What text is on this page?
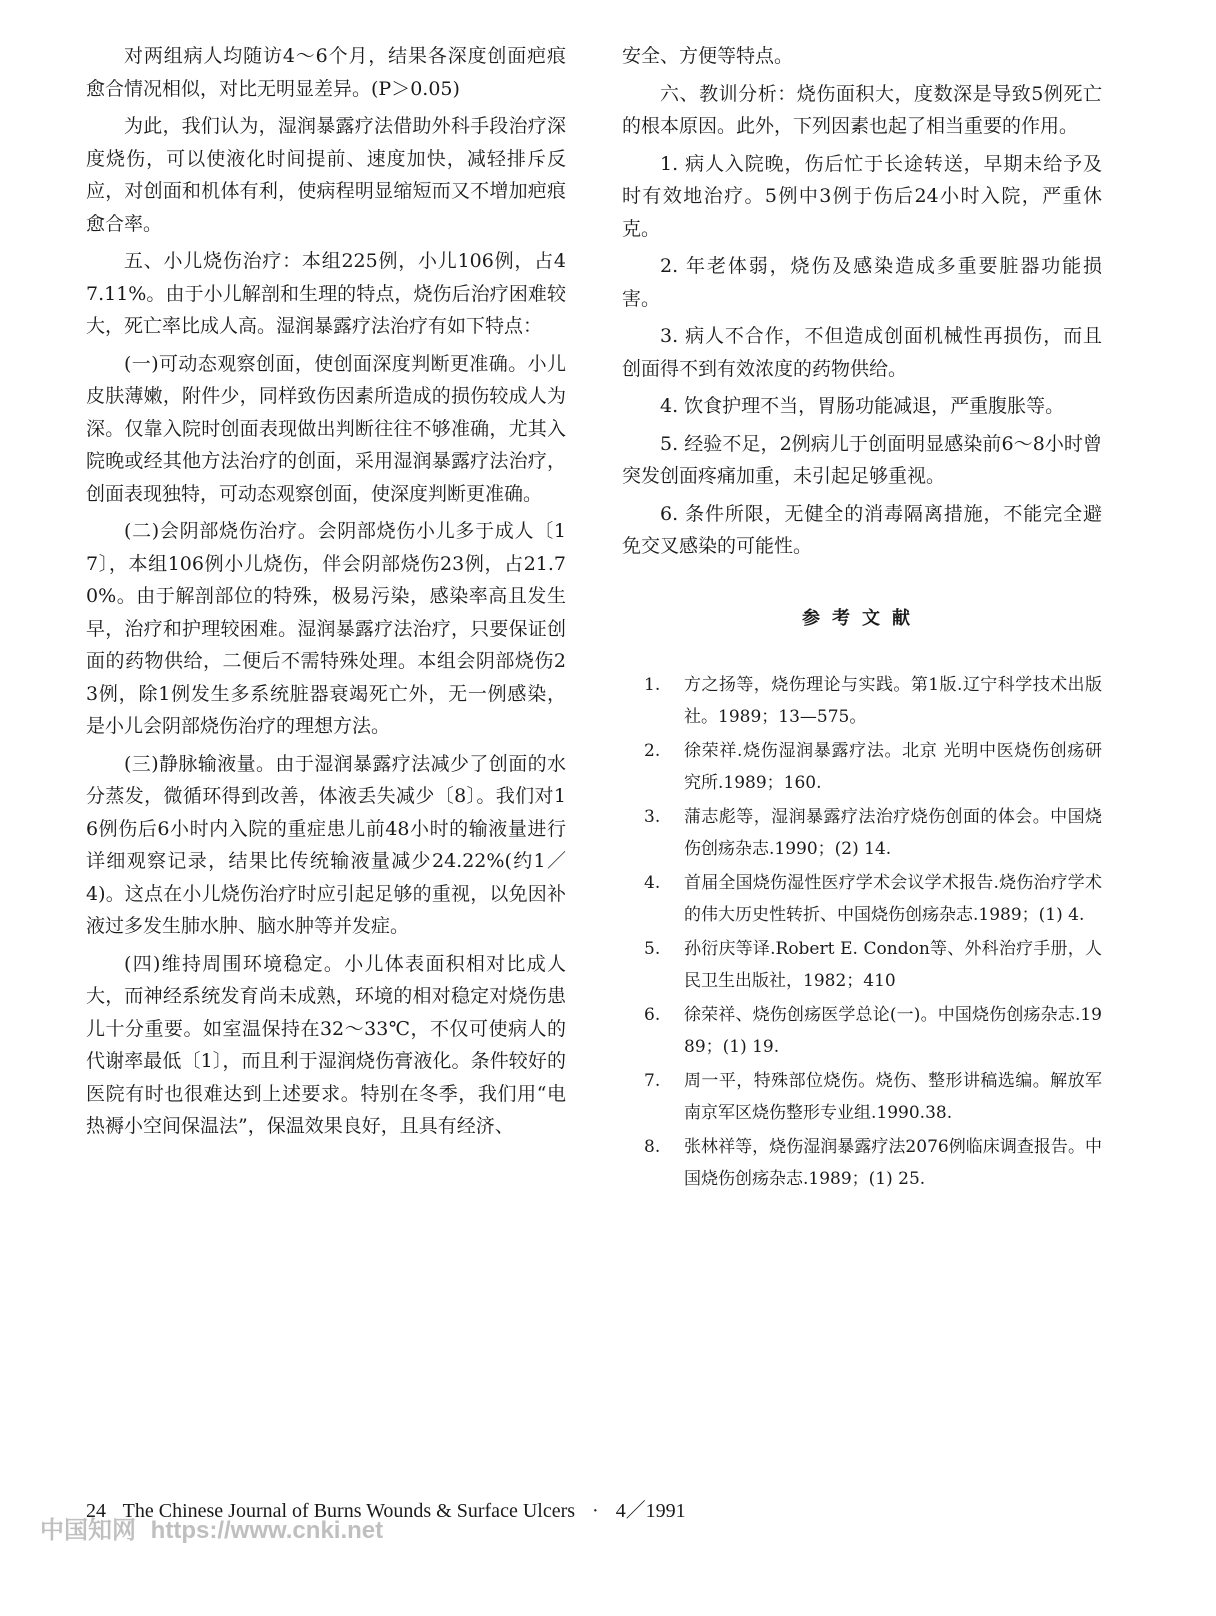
对两组病人均随访4～6个月，结果各深度创面疤痕愈合情况相似，对比无明显差异。(P＞0.05)

为此，我们认为，湿润暴露疗法借助外科手段治疗深度烧伤，可以使液化时间提前、速度加快，减轻排斥反应，对创面和机体有利，使病程明显缩短而又不增加疤痕愈合率。

五、小儿烧伤治疗：本组225例，小儿106例，占47.11%。由于小儿解剖和生理的特点，烧伤后治疗困难较大，死亡率比成人高。湿润暴露疗法治疗有如下特点：

(一)可动态观察创面，使创面深度判断更准确。小儿皮肤薄嫩，附件少，同样致伤因素所造成的损伤较成人为深。仅靠入院时创面表现做出判断往往不够准确，尤其入院晚或经其他方法治疗的创面，采用湿润暴露疗法治疗，创面表现独特，可动态观察创面，使深度判断更准确。

(二)会阴部烧伤治疗。会阴部烧伤小儿多于成人〔17〕，本组106例小儿烧伤，伴会阴部烧伤23例，占21.70%。由于解剖部位的特殊，极易污染，感染率高且发生早，治疗和护理较困难。湿润暴露疗法治疗，只要保证创面的药物供给，二便后不需特殊处理。本组会阴部烧伤23例，除1例发生多系统脏器衰竭死亡外，无一例感染，是小儿会阴部烧伤治疗的理想方法。

(三)静脉输液量。由于湿润暴露疗法减少了创面的水分蒸发，微循环得到改善，体液丢失减少〔8〕。我们对16例伤后6小时内入院的重症患儿前48小时的输液量进行详细观察记录，结果比传统输液量减少24.22%(约1／4)。这点在小儿烧伤治疗时应引起足够的重视，以免因补液过多发生肺水肿、脑水肿等并发症。

(四)维持周围环境稳定。小儿体表面积相对比成人大，而神经系统发育尚未成熟，环境的相对稳定对烧伤患儿十分重要。如室温保持在32～33℃，不仅可使病人的代谢率最低〔1〕，而且利于湿润烧伤膏液化。条件较好的医院有时也很难达到上述要求。特别在冬季，我们用“电热褥小空间保温法”，保温效果良好，且具有经济、

安全、方便等特点。

六、教训分析：烧伤面积大，度数深是导致5例死亡的根本原因。此外，下列因素也起了相当重要的作用。

1. 病人入院晚，伤后忙于长途转送，早期未给予及时有效地治疗。5例中3例于伤后24小时入院，严重休克。

2. 年老体弱，烧伤及感染造成多重要脏器功能损害。

3. 病人不合作，不但造成创面机械性再损伤，而且创面得不到有效浓度的药物供给。

4. 饮食护理不当，胃肠功能减退，严重腹胀等。

5. 经验不足，2例病儿于创面明显感染前6～8小时曾突发创面疼痛加重，未引起足够重视。

6. 条件所限，无健全的消毒隔离措施，不能完全避免交叉感染的可能性。

参考文献
1.	方之扬等，烧伤理论与实践。第1版.辽宁科学技术出版社。1989；13—575。
2.	徐荣祥.烧伤湿润暴露疗法。北京 光明中医烧伤创疡研究所.1989；160.
3.	蒲志彪等，湿润暴露疗法治疗烧伤创面的体会。中国烧伤创疡杂志.1990；(2) 14.
4.	首届全国烧伤湿性医疗学术会议学术报告.烧伤治疗学术的伟大历史性转折、中国烧伤创疡杂志.1989；(1) 4.
5.	孙衍庆等译.Robert E. Condon等、外科治疗手册，人民卫生出版社，1982；410
6.	徐荣祥、烧伤创疡医学总论(一)。中国烧伤创疡杂志.1989；(1) 19.
7.	周一平，特殊部位烧伤。烧伤、整形讲稿选编。解放军南京军区烧伤整形专业组.1990.38.
8.	张林祥等，烧伤湿润暴露疗法2076例临床调查报告。中国烧伤创疡杂志.1989；(1) 25.
24 The Chinese Journal of Burns Wounds & Surface Ulcers · 4／1991
中国知网 https://www.cnki.net
